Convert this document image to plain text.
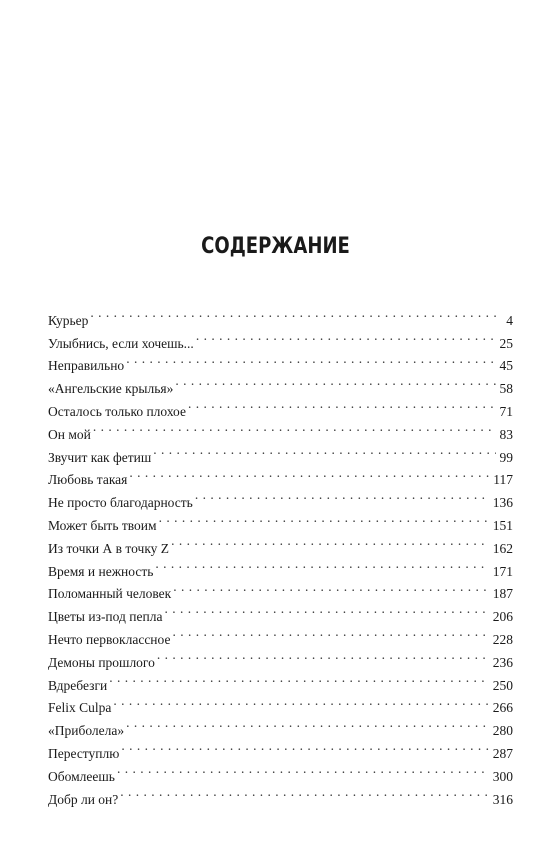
СОДЕРЖАНИЕ
Курьер . . .	4
Улыбнись, если хочешь... . . .	25
Неправильно . . .	45
«Ангельские крылья» . . .	58
Осталось только плохое . . .	71
Он мой . . .	83
Звучит как фетиш . . .	99
Любовь такая . . .	117
Не просто благодарность . . .	136
Может быть твоим . . .	151
Из точки А в точку Z . . .	162
Время и нежность . . .	171
Поломанный человек . . .	187
Цветы из-под пепла . . .	206
Нечто первоклассное . . .	228
Демоны прошлого . . .	236
Вдребезги . . .	250
Felix Culpa . . .	266
«Приболела» . . .	280
Переступлю . . .	287
Обомлеешь . . .	300
Добр ли он? . . .	316
